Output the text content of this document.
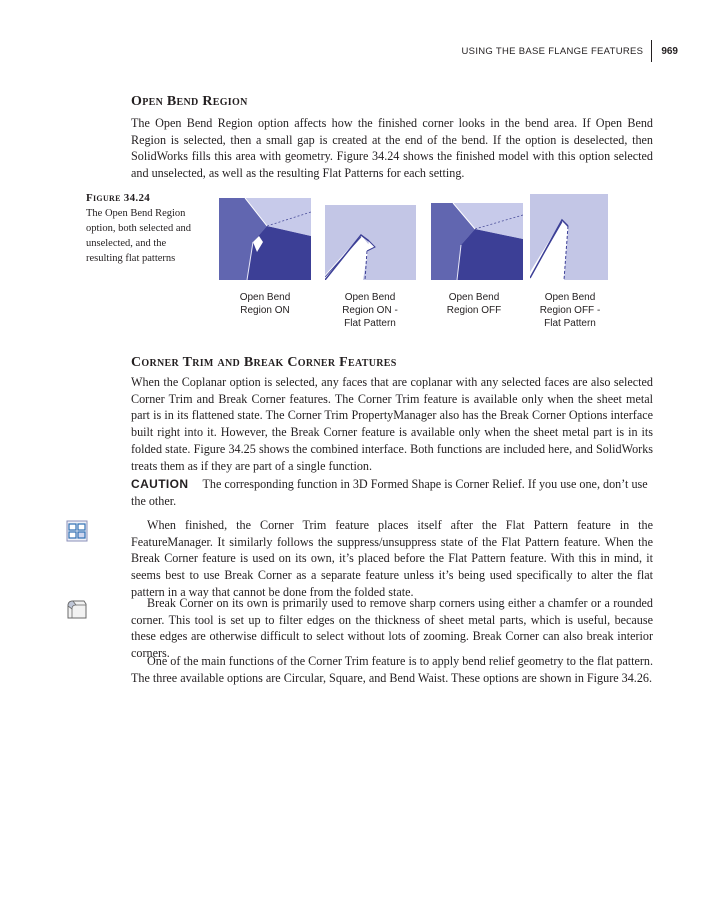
USING THE BASE FLANGE FEATURES	969
Open Bend Region

The Open Bend Region option affects how the finished corner looks in the bend area. If Open Bend Region is selected, then a small gap is created at the end of the bend. If the option is deselected, then SolidWorks fills this area with geometry. Figure 34.24 shows the finished model with this option selected and unselected, as well as the resulting Flat Patterns for each setting.

Figure 34.24
The Open Bend Region option, both selected and unselected, and the resulting flat patterns
Open Bend
Region ON
Open Bend
Region ON -
Flat Pattern
Open Bend
Region OFF
Open Bend
Region OFF -
Flat Pattern
Corner Trim and Break Corner Features

When the Coplanar option is selected, any faces that are coplanar with any selected faces are also selected Corner Trim and Break Corner features. The Corner Trim feature is available only when the sheet metal part is in its flattened state. The Corner Trim PropertyManager also has the Break Corner Options interface built right into it. However, the Break Corner feature is available only when the sheet metal part is in its folded state. Figure 34.25 shows the combined interface. Both functions are included here, and SolidWorks treats them as if they are part of a single function.

CAUTION The corresponding function in 3D Formed Shape is Corner Relief. If you use one, don’t use the other.

When finished, the Corner Trim feature places itself after the Flat Pattern feature in the FeatureManager. It similarly follows the suppress/unsuppress state of the Flat Pattern feature. When the Break Corner feature is used on its own, it’s placed before the Flat Pattern feature. With this in mind, it seems best to use Break Corner as a separate feature unless it’s being used specifically to alter the flat pattern in a way that cannot be done from the folded state.

Break Corner on its own is primarily used to remove sharp corners using either a chamfer or a rounded corner. This tool is set up to filter edges on the thickness of sheet metal parts, which is useful, because these edges are otherwise difficult to select without lots of zooming. Break Corner can also break interior corners.

One of the main functions of the Corner Trim feature is to apply bend relief geometry to the flat pattern. The three available options are Circular, Square, and Bend Waist. These options are shown in Figure 34.26.
